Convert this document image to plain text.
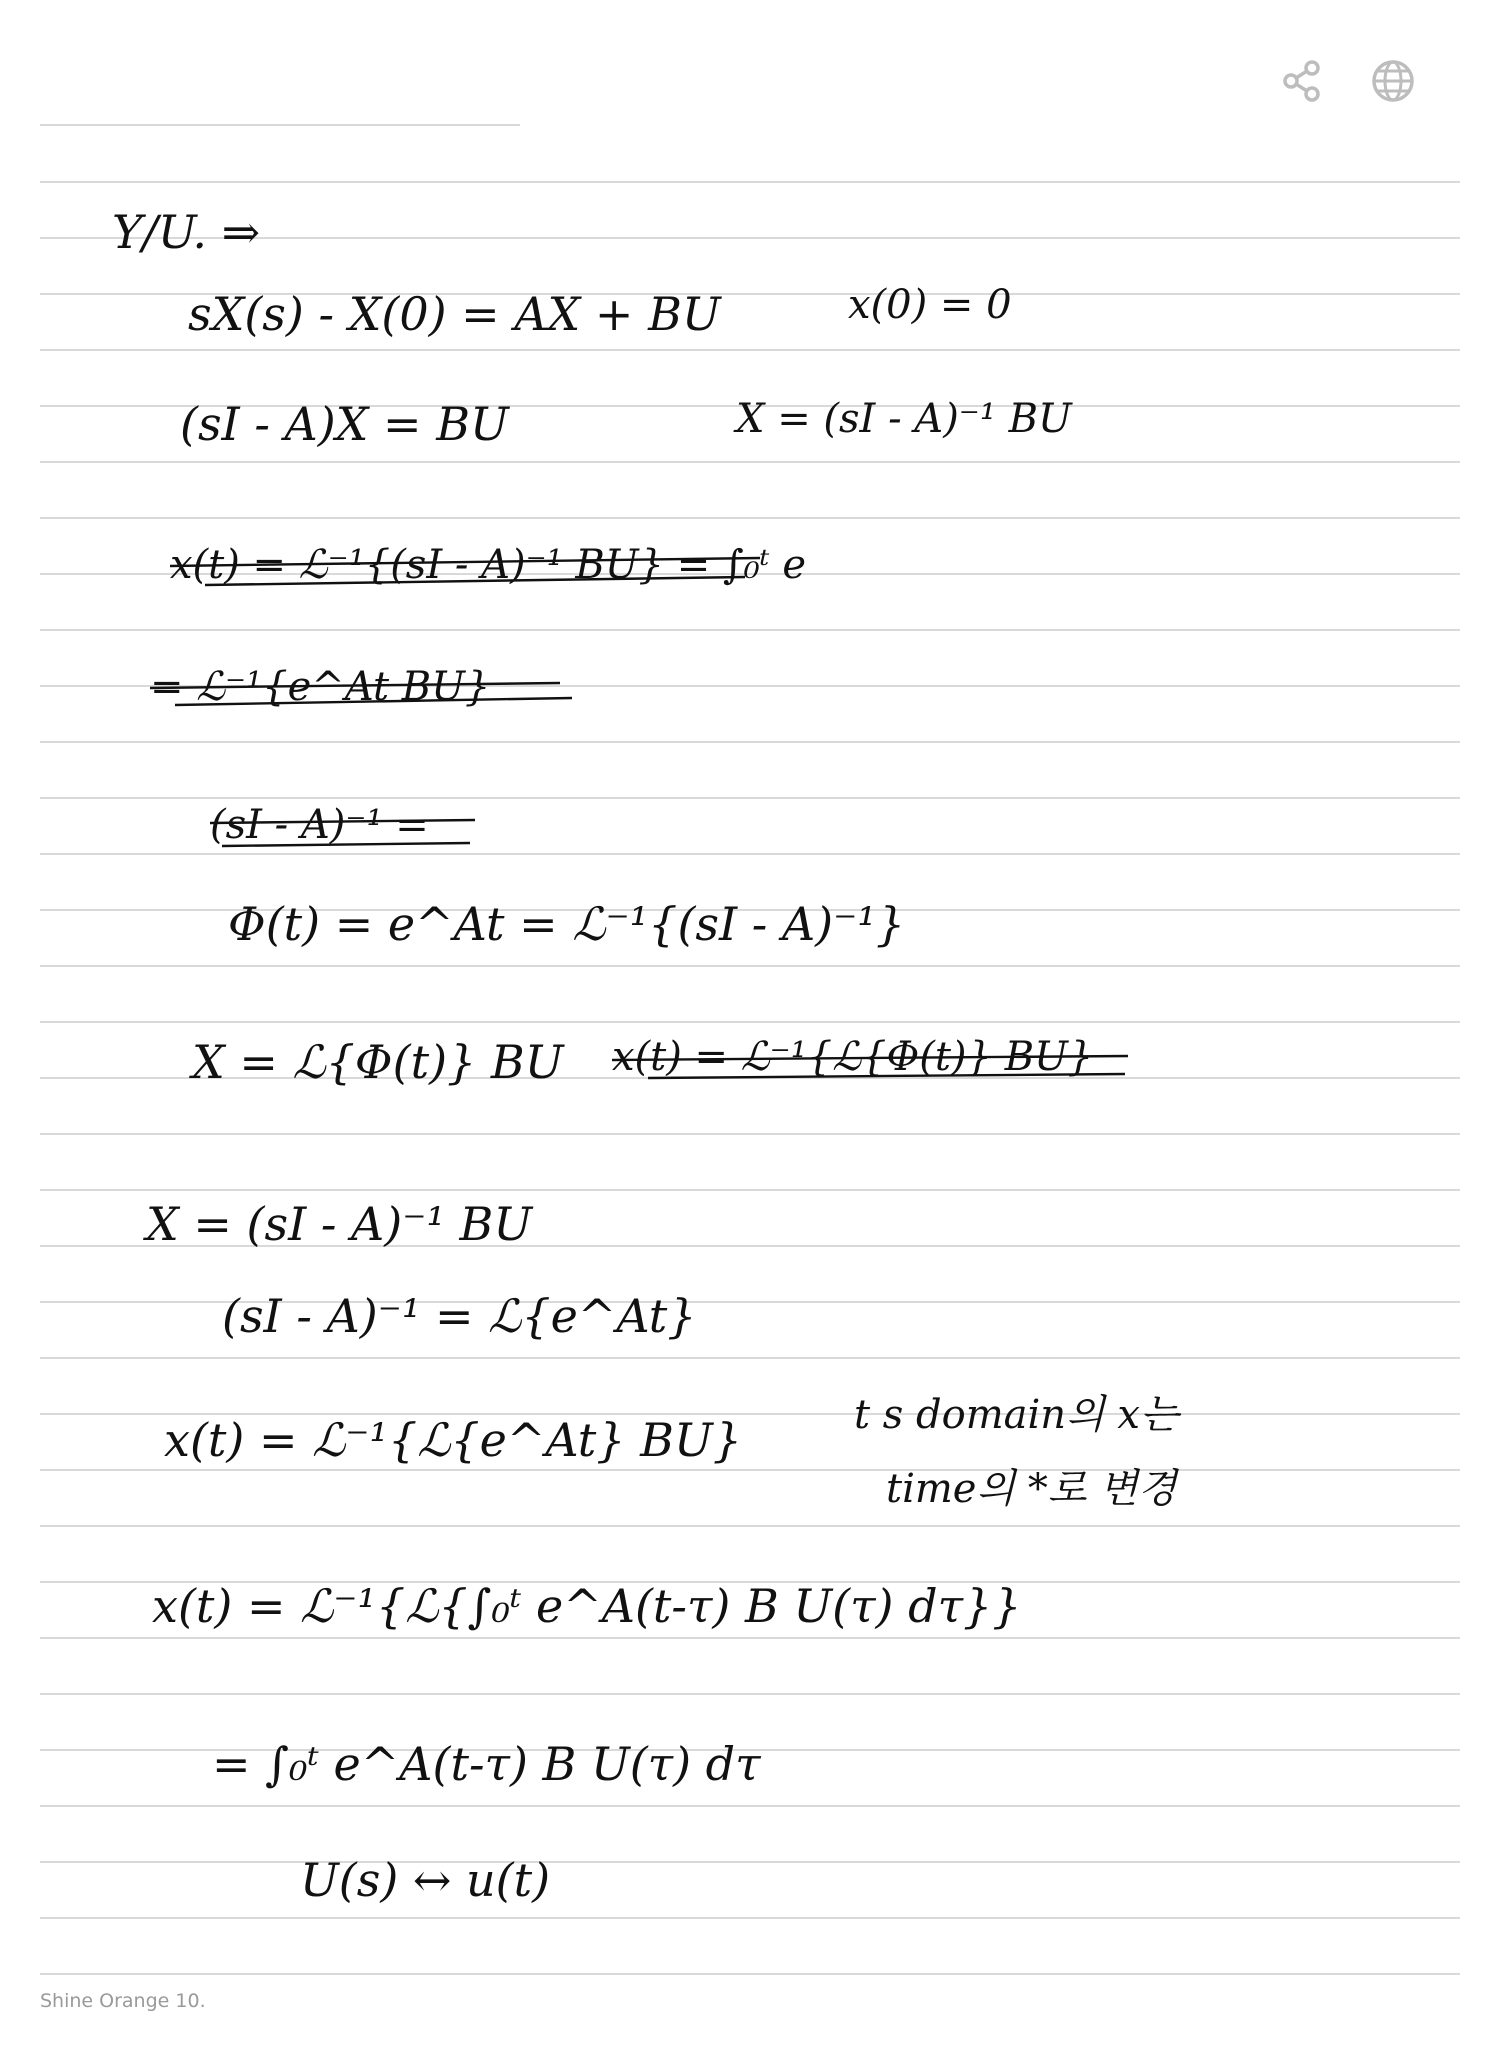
Y/U. ⇒
sX(s) - X(0) = AX + BU	x(0) = 0
(sI - A)X = BU	X = (sI - A)⁻¹ BU
x(t) = ℒ⁻¹{(sI - A)⁻¹ BU} = ∫₀ᵗ e
= ℒ⁻¹{e^At BU}
(sI - A)⁻¹ =
Φ(t) = e^At = ℒ⁻¹{(sI - A)⁻¹}
X = ℒ{Φ(t)} BU x(t) = ℒ⁻¹{ℒ{Φ(t)} BU}
X = (sI - A)⁻¹ BU
(sI - A)⁻¹ = ℒ{e^At}
x(t) = ℒ⁻¹{ℒ{e^At} BU}	t s domain의 x는
time의 *로 변경
x(t) = ℒ⁻¹{ℒ{∫₀ᵗ e^A(t-τ) B U(τ) dτ}}
= ∫₀ᵗ e^A(t-τ) B U(τ) dτ
U(s) ↔ u(t)
Shine Orange 10.
